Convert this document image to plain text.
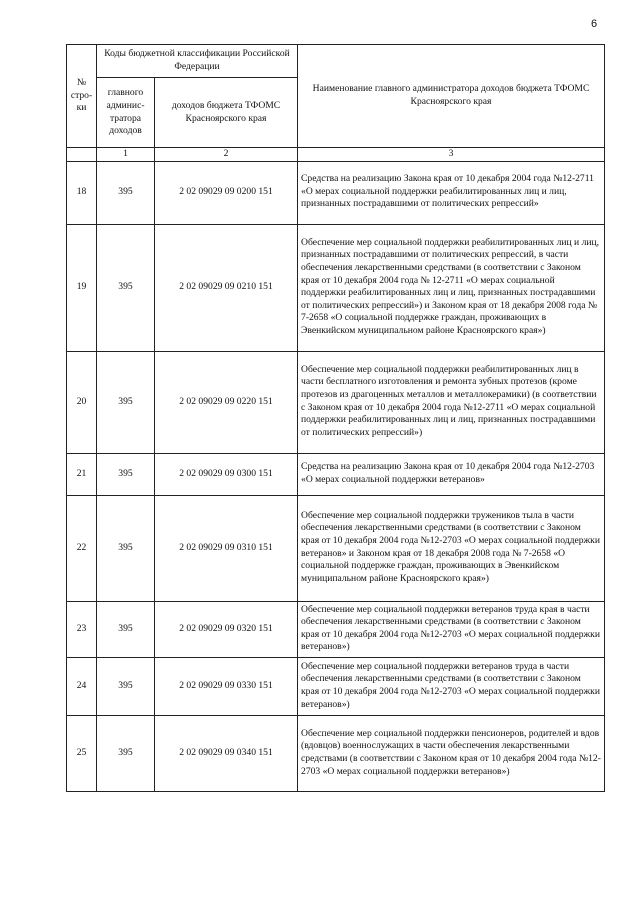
6
№ стро-ки	Коды бюджетной классификации Российской Федерации		Наименование главного администратора доходов бюджета ТФОМС Красноярского края
	главного админис-тратора доходов	доходов бюджета ТФОМС Красноярского края	
	1	2	3
18	395	2 02 09029 09 0200 151	Средства на реализацию Закона края от 10 декабря 2004 года №12-2711 «О мерах социальной поддержки реабилитированных лиц и лиц, признанных пострадавшими от политических репрессий»
19	395	2 02 09029 09 0210 151	Обеспечение мер социальной поддержки реабилитированных лиц и лиц, признанных пострадавшими от политических репрессий, в части обеспечения лекарственными средствами (в соответствии с Законом края от 10 декабря 2004 года № 12-2711 «О мерах социальной поддержки реабилитированных лиц и лиц, признанных пострадавшими от политических репрессий») и Законом края от 18 декабря 2008 года № 7-2658 «О социальной поддержке граждан, проживающих в Эвенкийском муниципальном районе Красноярского края»)
20	395	2 02 09029 09 0220 151	Обеспечение мер социальной поддержки реабилитированных лиц в части бесплатного изготовления и ремонта зубных протезов (кроме протезов из драгоценных металлов и металлокерамики) (в соответствии с Законом края от 10 декабря 2004 года №12-2711 «О мерах социальной поддержки реабилитированных лиц и лиц, признанных пострадавшими от политических репрессий»)
21	395	2 02 09029 09 0300 151	Средства на реализацию Закона края от 10 декабря 2004 года №12-2703 «О мерах социальной поддержки ветеранов»
22	395	2 02 09029 09 0310 151	Обеспечение мер социальной поддержки тружеников тыла в части обеспечения лекарственными средствами (в соответствии с Законом края от 10 декабря 2004 года №12-2703 «О мерах социальной поддержки ветеранов» и Законом края от 18 декабря 2008 года № 7-2658 «О социальной поддержке граждан, проживающих в Эвенкийском муниципальном районе Красноярского края»)
23	395	2 02 09029 09 0320 151	Обеспечение мер социальной поддержки ветеранов труда края в части обеспечения лекарственными средствами (в соответствии с Законом края от 10 декабря 2004 года №12-2703 «О мерах социальной поддержки ветеранов»)
24	395	2 02 09029 09 0330 151	Обеспечение мер социальной поддержки ветеранов труда в части обеспечения лекарственными средствами (в соответствии с Законом края от 10 декабря 2004 года №12-2703 «О мерах социальной поддержки ветеранов»)
25	395	2 02 09029 09 0340 151	Обеспечение мер социальной поддержки пенсионеров, родителей и вдов (вдовцов) военнослужащих в части обеспечения лекарственными средствами (в соответствии с Законом края от 10 декабря 2004 года №12-2703 «О мерах социальной поддержки ветеранов»)
